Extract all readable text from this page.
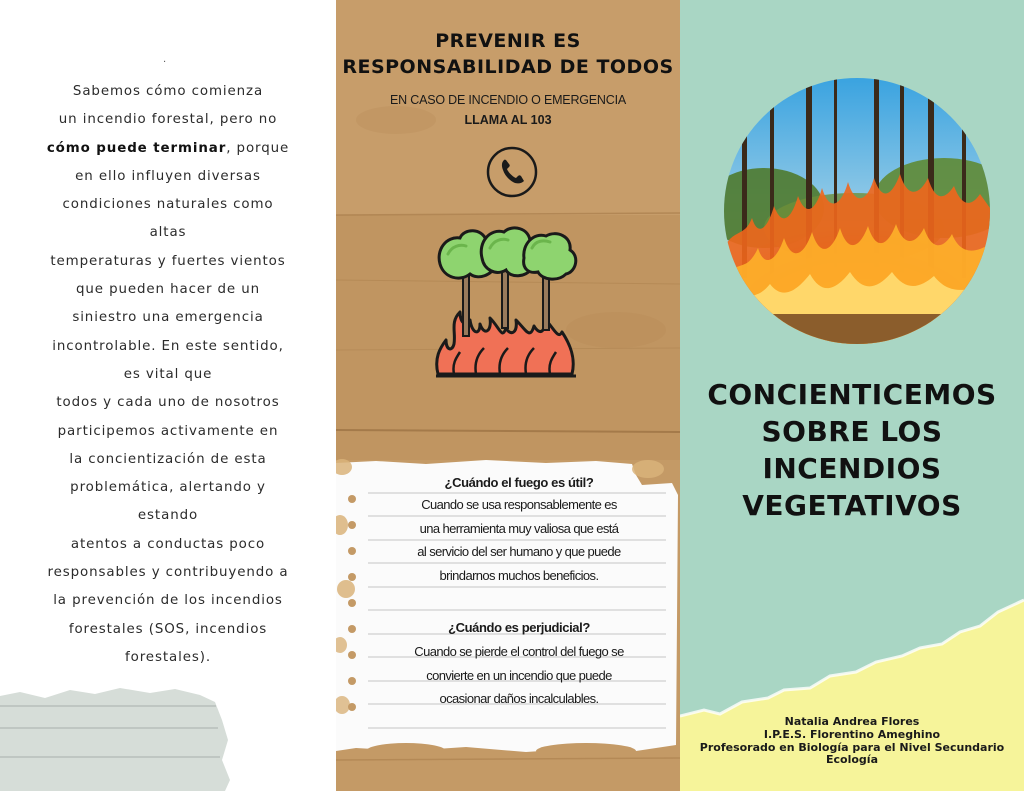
.
Sabemos cómo comienza
un incendio forestal, pero no
cómo puede terminar, porque
en ello influyen diversas
condiciones naturales como
altas
temperaturas y fuertes vientos
que pueden hacer de un
siniestro una emergencia
incontrolable. En este sentido,
es vital que
todos y cada uno de nosotros
participemos activamente en
la concientización de esta
problemática, alertando y
estando
atentos a conductas poco
responsables y contribuyendo a
la prevención de los incendios
forestales (SOS, incendios
forestales).
PREVENIR ES
RESPONSABILIDAD DE TODOS
EN CASO DE INCENDIO O EMERGENCIA
LLAMA AL 103
¿Cuándo el fuego es útil?
Cuando se usa responsablemente es
una herramienta muy valiosa que está
al servicio del ser humano y que puede
brindarnos muchos beneficios.
¿Cuándo es perjudicial?
Cuando se pierde el control del fuego se
convierte en un incendio que puede
ocasionar daños incalculables.
CONCIENTICEMOS
SOBRE LOS
INCENDIOS
VEGETATIVOS
Natalia Andrea Flores
I.P.E.S. Florentino Ameghino
Profesorado en Biología para el Nivel Secundario
Ecología
